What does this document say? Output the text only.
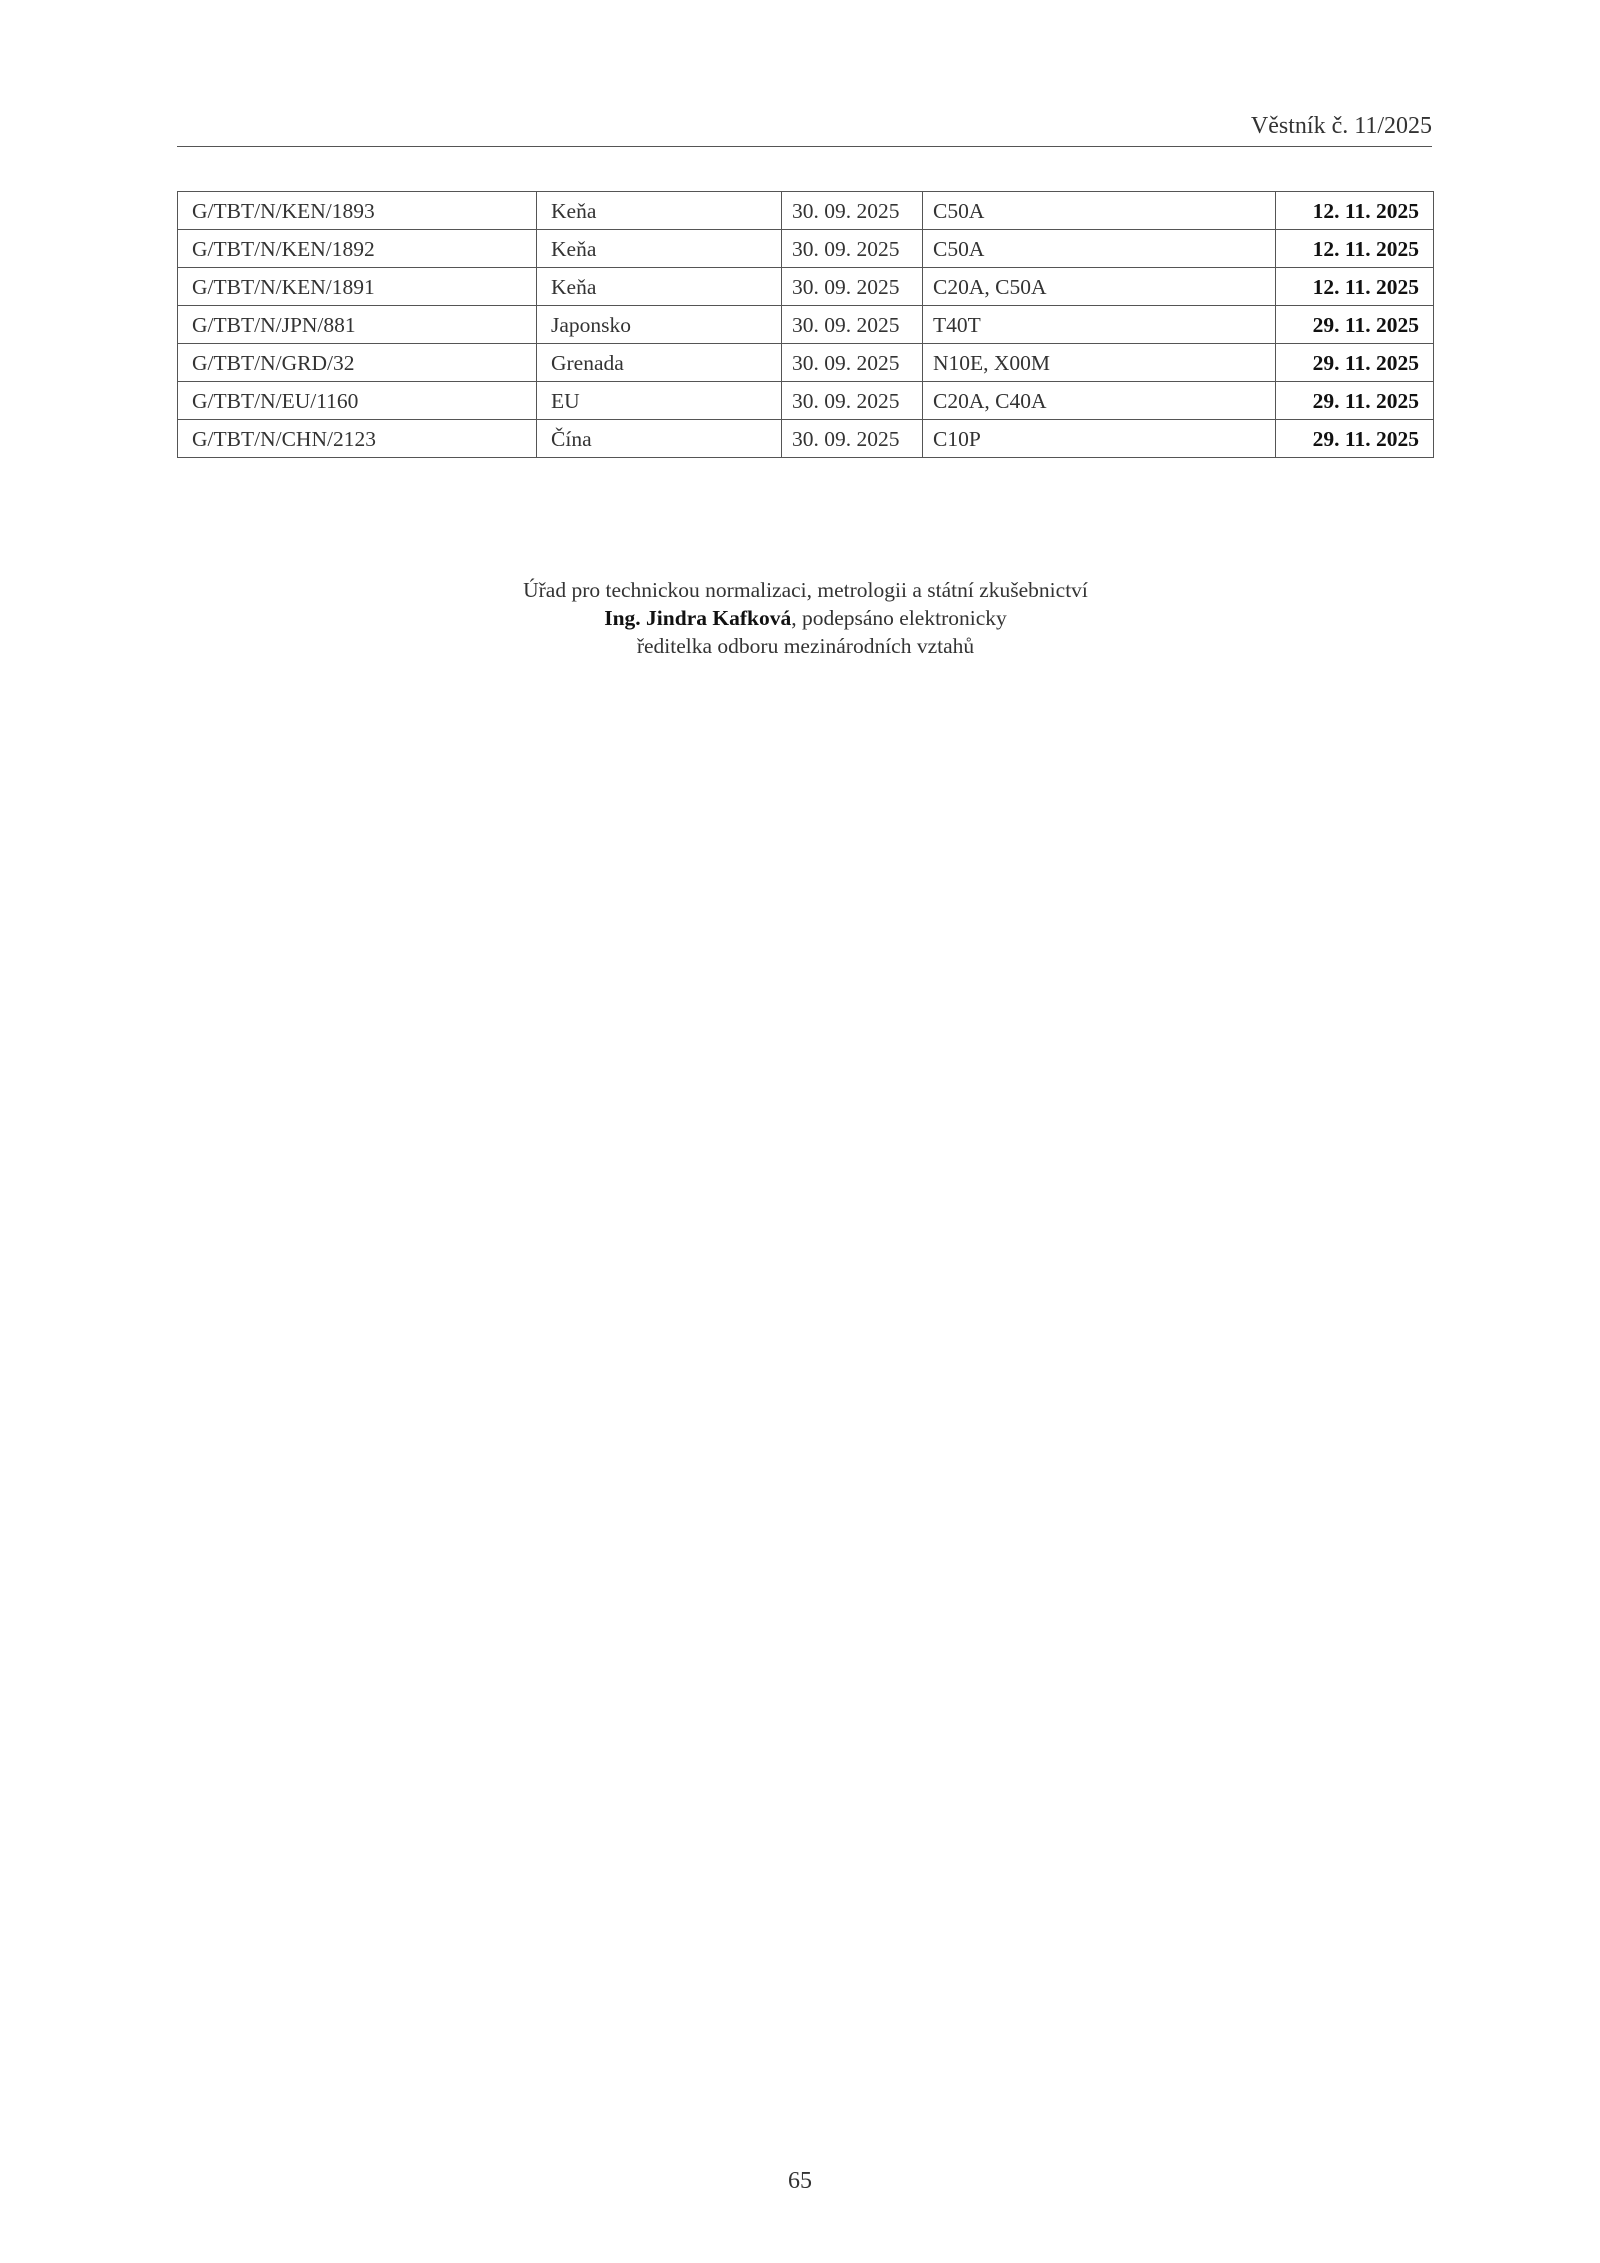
Věstník č. 11/2025
G/TBT/N/KEN/1893	Keňa	30. 09. 2025	C50A	12. 11. 2025
G/TBT/N/KEN/1892	Keňa	30. 09. 2025	C50A	12. 11. 2025
G/TBT/N/KEN/1891	Keňa	30. 09. 2025	C20A, C50A	12. 11. 2025
G/TBT/N/JPN/881	Japonsko	30. 09. 2025	T40T	29. 11. 2025
G/TBT/N/GRD/32	Grenada	30. 09. 2025	N10E, X00M	29. 11. 2025
G/TBT/N/EU/1160	EU	30. 09. 2025	C20A, C40A	29. 11. 2025
G/TBT/N/CHN/2123	Čína	30. 09. 2025	C10P	29. 11. 2025
Úřad pro technickou normalizaci, metrologii a státní zkušebnictví
Ing. Jindra Kafková, podepsáno elektronicky
ředitelka odboru mezinárodních vztahů
65
